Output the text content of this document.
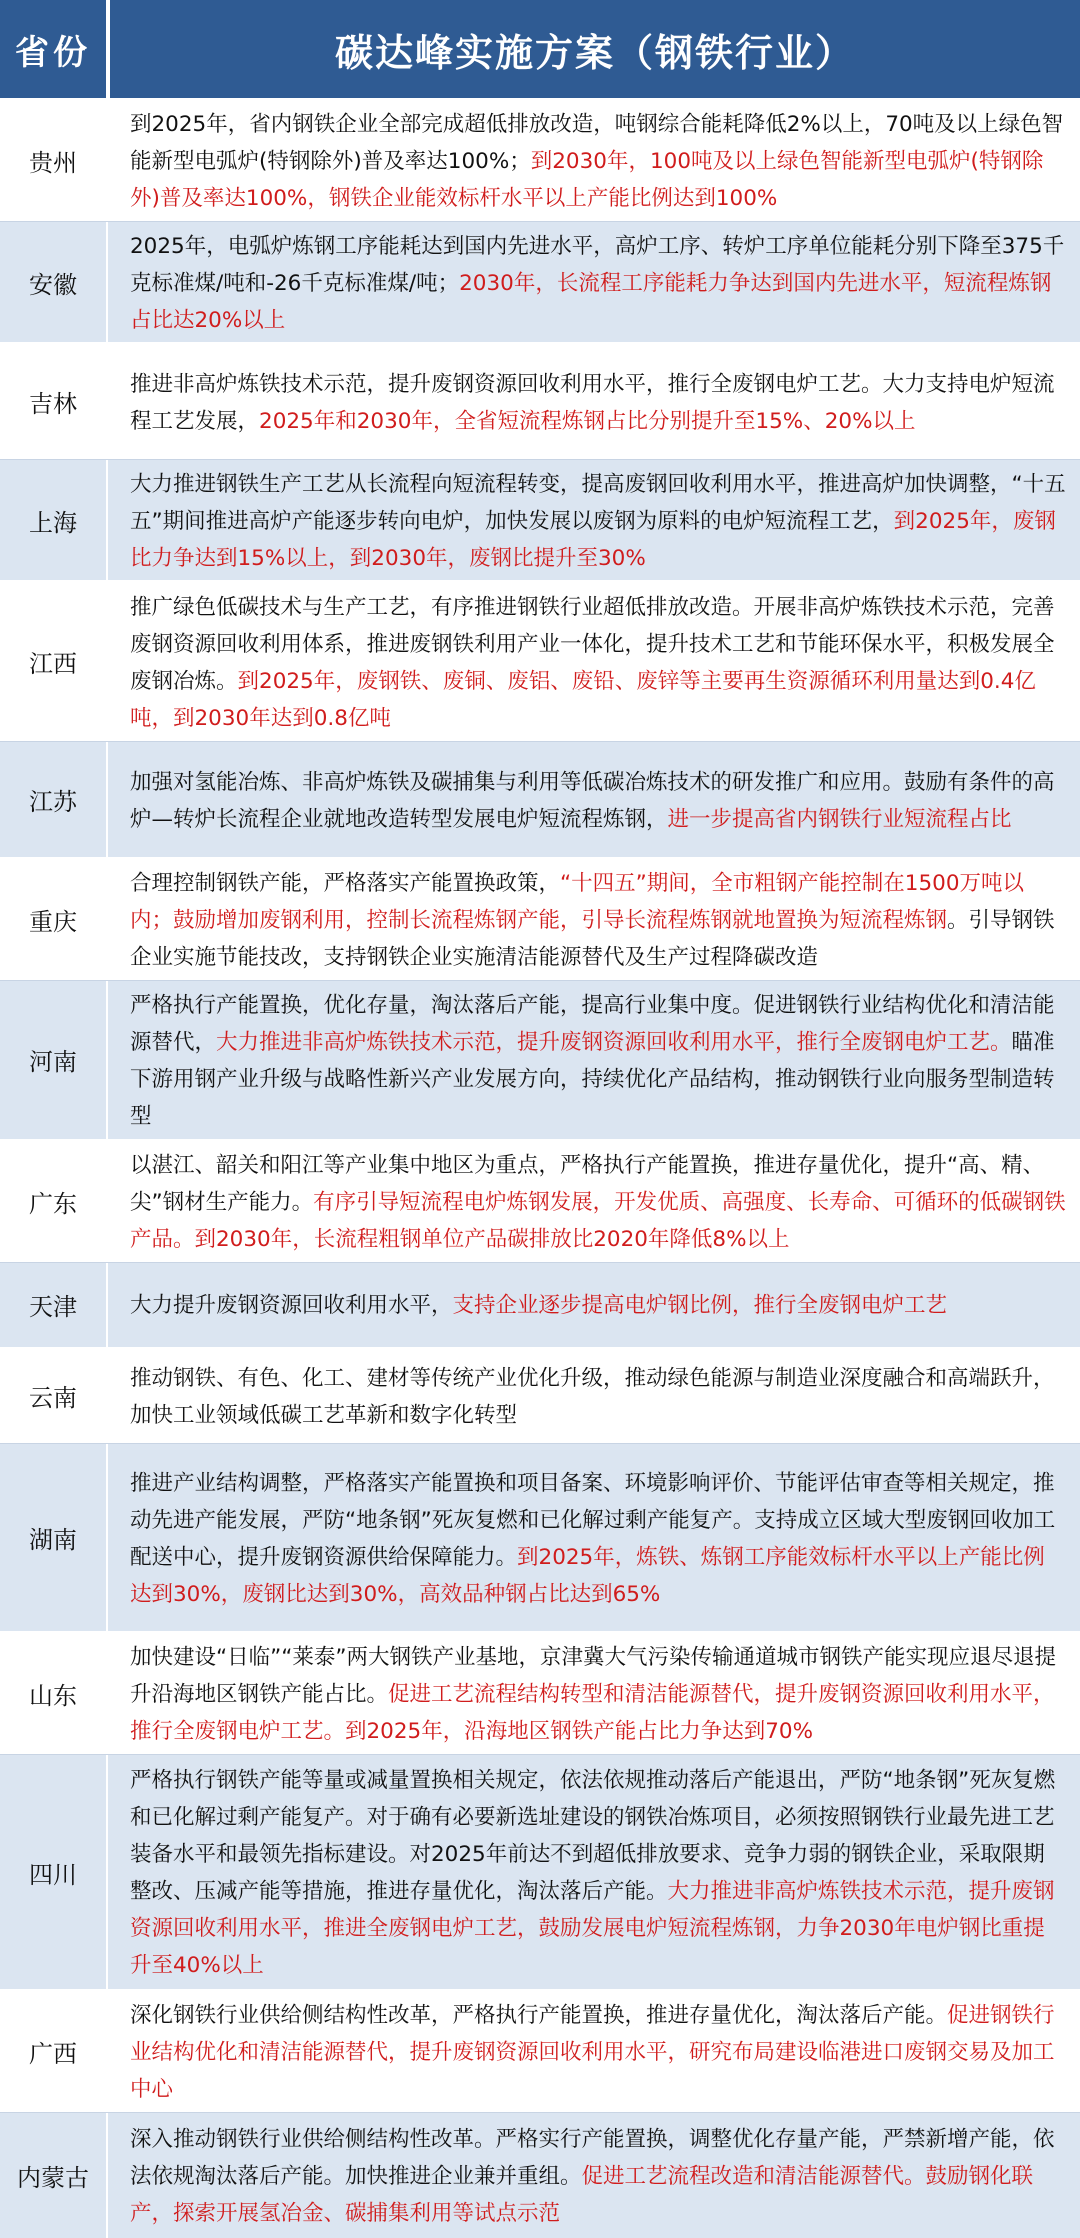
省份	碳达峰实施方案（钢铁行业）
贵州

到2025年，省内钢铁企业全部完成超低排放改造，吨钢综合能耗降低2%以上，70吨及以上绿色智能新型电弧炉(特钢除外)普及率达100%；到2030年，100吨及以上绿色智能新型电弧炉(特钢除外)普及率达100%，钢铁企业能效标杆水平以上产能比例达到100%

安徽

2025年，电弧炉炼钢工序能耗达到国内先进水平，高炉工序、转炉工序单位能耗分别下降至375千克标准煤/吨和-26千克标准煤/吨；2030年，长流程工序能耗力争达到国内先进水平，短流程炼钢占比达20%以上

吉林

推进非高炉炼铁技术示范，提升废钢资源回收利用水平，推行全废钢电炉工艺。大力支持电炉短流程工艺发展，2025年和2030年，全省短流程炼钢占比分别提升至15%、20%以上

上海

大力推进钢铁生产工艺从长流程向短流程转变，提高废钢回收利用水平，推进高炉加快调整，“十五五”期间推进高炉产能逐步转向电炉，加快发展以废钢为原料的电炉短流程工艺，到2025年，废钢比力争达到15%以上，到2030年，废钢比提升至30%

江西

推广绿色低碳技术与生产工艺，有序推进钢铁行业超低排放改造。开展非高炉炼铁技术示范，完善废钢资源回收利用体系，推进废钢铁利用产业一体化，提升技术工艺和节能环保水平，积极发展全废钢冶炼。到2025年，废钢铁、废铜、废铝、废铅、废锌等主要再生资源循环利用量达到0.4亿吨，到2030年达到0.8亿吨

江苏

加强对氢能冶炼、非高炉炼铁及碳捕集与利用等低碳冶炼技术的研发推广和应用。鼓励有条件的高炉—转炉长流程企业就地改造转型发展电炉短流程炼钢，进一步提高省内钢铁行业短流程占比

重庆

合理控制钢铁产能，严格落实产能置换政策，“十四五”期间，全市粗钢产能控制在1500万吨以内；鼓励增加废钢利用，控制长流程炼钢产能，引导长流程炼钢就地置换为短流程炼钢。引导钢铁企业实施节能技改，支持钢铁企业实施清洁能源替代及生产过程降碳改造

河南

严格执行产能置换，优化存量，淘汰落后产能，提高行业集中度。促进钢铁行业结构优化和清洁能源替代，大力推进非高炉炼铁技术示范，提升废钢资源回收利用水平，推行全废钢电炉工艺。瞄准下游用钢产业升级与战略性新兴产业发展方向，持续优化产品结构，推动钢铁行业向服务型制造转型

广东

以湛江、韶关和阳江等产业集中地区为重点，严格执行产能置换，推进存量优化，提升“高、精、尖”钢材生产能力。有序引导短流程电炉炼钢发展，开发优质、高强度、长寿命、可循环的低碳钢铁产品。到2030年，长流程粗钢单位产品碳排放比2020年降低8%以上

天津	大力提升废钢资源回收利用水平，支持企业逐步提高电炉钢比例，推行全废钢电炉工艺

云南

推动钢铁、有色、化工、建材等传统产业优化升级，推动绿色能源与制造业深度融合和高端跃升，加快工业领域低碳工艺革新和数字化转型

湖南

推进产业结构调整，严格落实产能置换和项目备案、环境影响评价、节能评估审查等相关规定，推动先进产能发展，严防“地条钢”死灰复燃和已化解过剩产能复产。支持成立区域大型废钢回收加工配送中心，提升废钢资源供给保障能力。到2025年，炼铁、炼钢工序能效标杆水平以上产能比例达到30%，废钢比达到30%，高效品种钢占比达到65%

山东

加快建设“日临”“莱泰”两大钢铁产业基地，京津冀大气污染传输通道城市钢铁产能实现应退尽退提升沿海地区钢铁产能占比。促进工艺流程结构转型和清洁能源替代，提升废钢资源回收利用水平，推行全废钢电炉工艺。到2025年，沿海地区钢铁产能占比力争达到70%

四川

严格执行钢铁产能等量或减量置换相关规定，依法依规推动落后产能退出，严防“地条钢”死灰复燃和已化解过剩产能复产。对于确有必要新选址建设的钢铁冶炼项目，必须按照钢铁行业最先进工艺装备水平和最领先指标建设。对2025年前达不到超低排放要求、竞争力弱的钢铁企业，采取限期整改、压减产能等措施，推进存量优化，淘汰落后产能。大力推进非高炉炼铁技术示范，提升废钢资源回收利用水平，推进全废钢电炉工艺，鼓励发展电炉短流程炼钢，力争2030年电炉钢比重提升至40%以上

广西

深化钢铁行业供给侧结构性改革，严格执行产能置换，推进存量优化，淘汰落后产能。促进钢铁行业结构优化和清洁能源替代，提升废钢资源回收利用水平，研究布局建设临港进口废钢交易及加工中心

内蒙古

深入推动钢铁行业供给侧结构性改革。严格实行产能置换，调整优化存量产能，严禁新增产能，依法依规淘汰落后产能。加快推进企业兼并重组。促进工艺流程改造和清洁能源替代。鼓励钢化联产，探索开展氢冶金、碳捕集利用等试点示范
